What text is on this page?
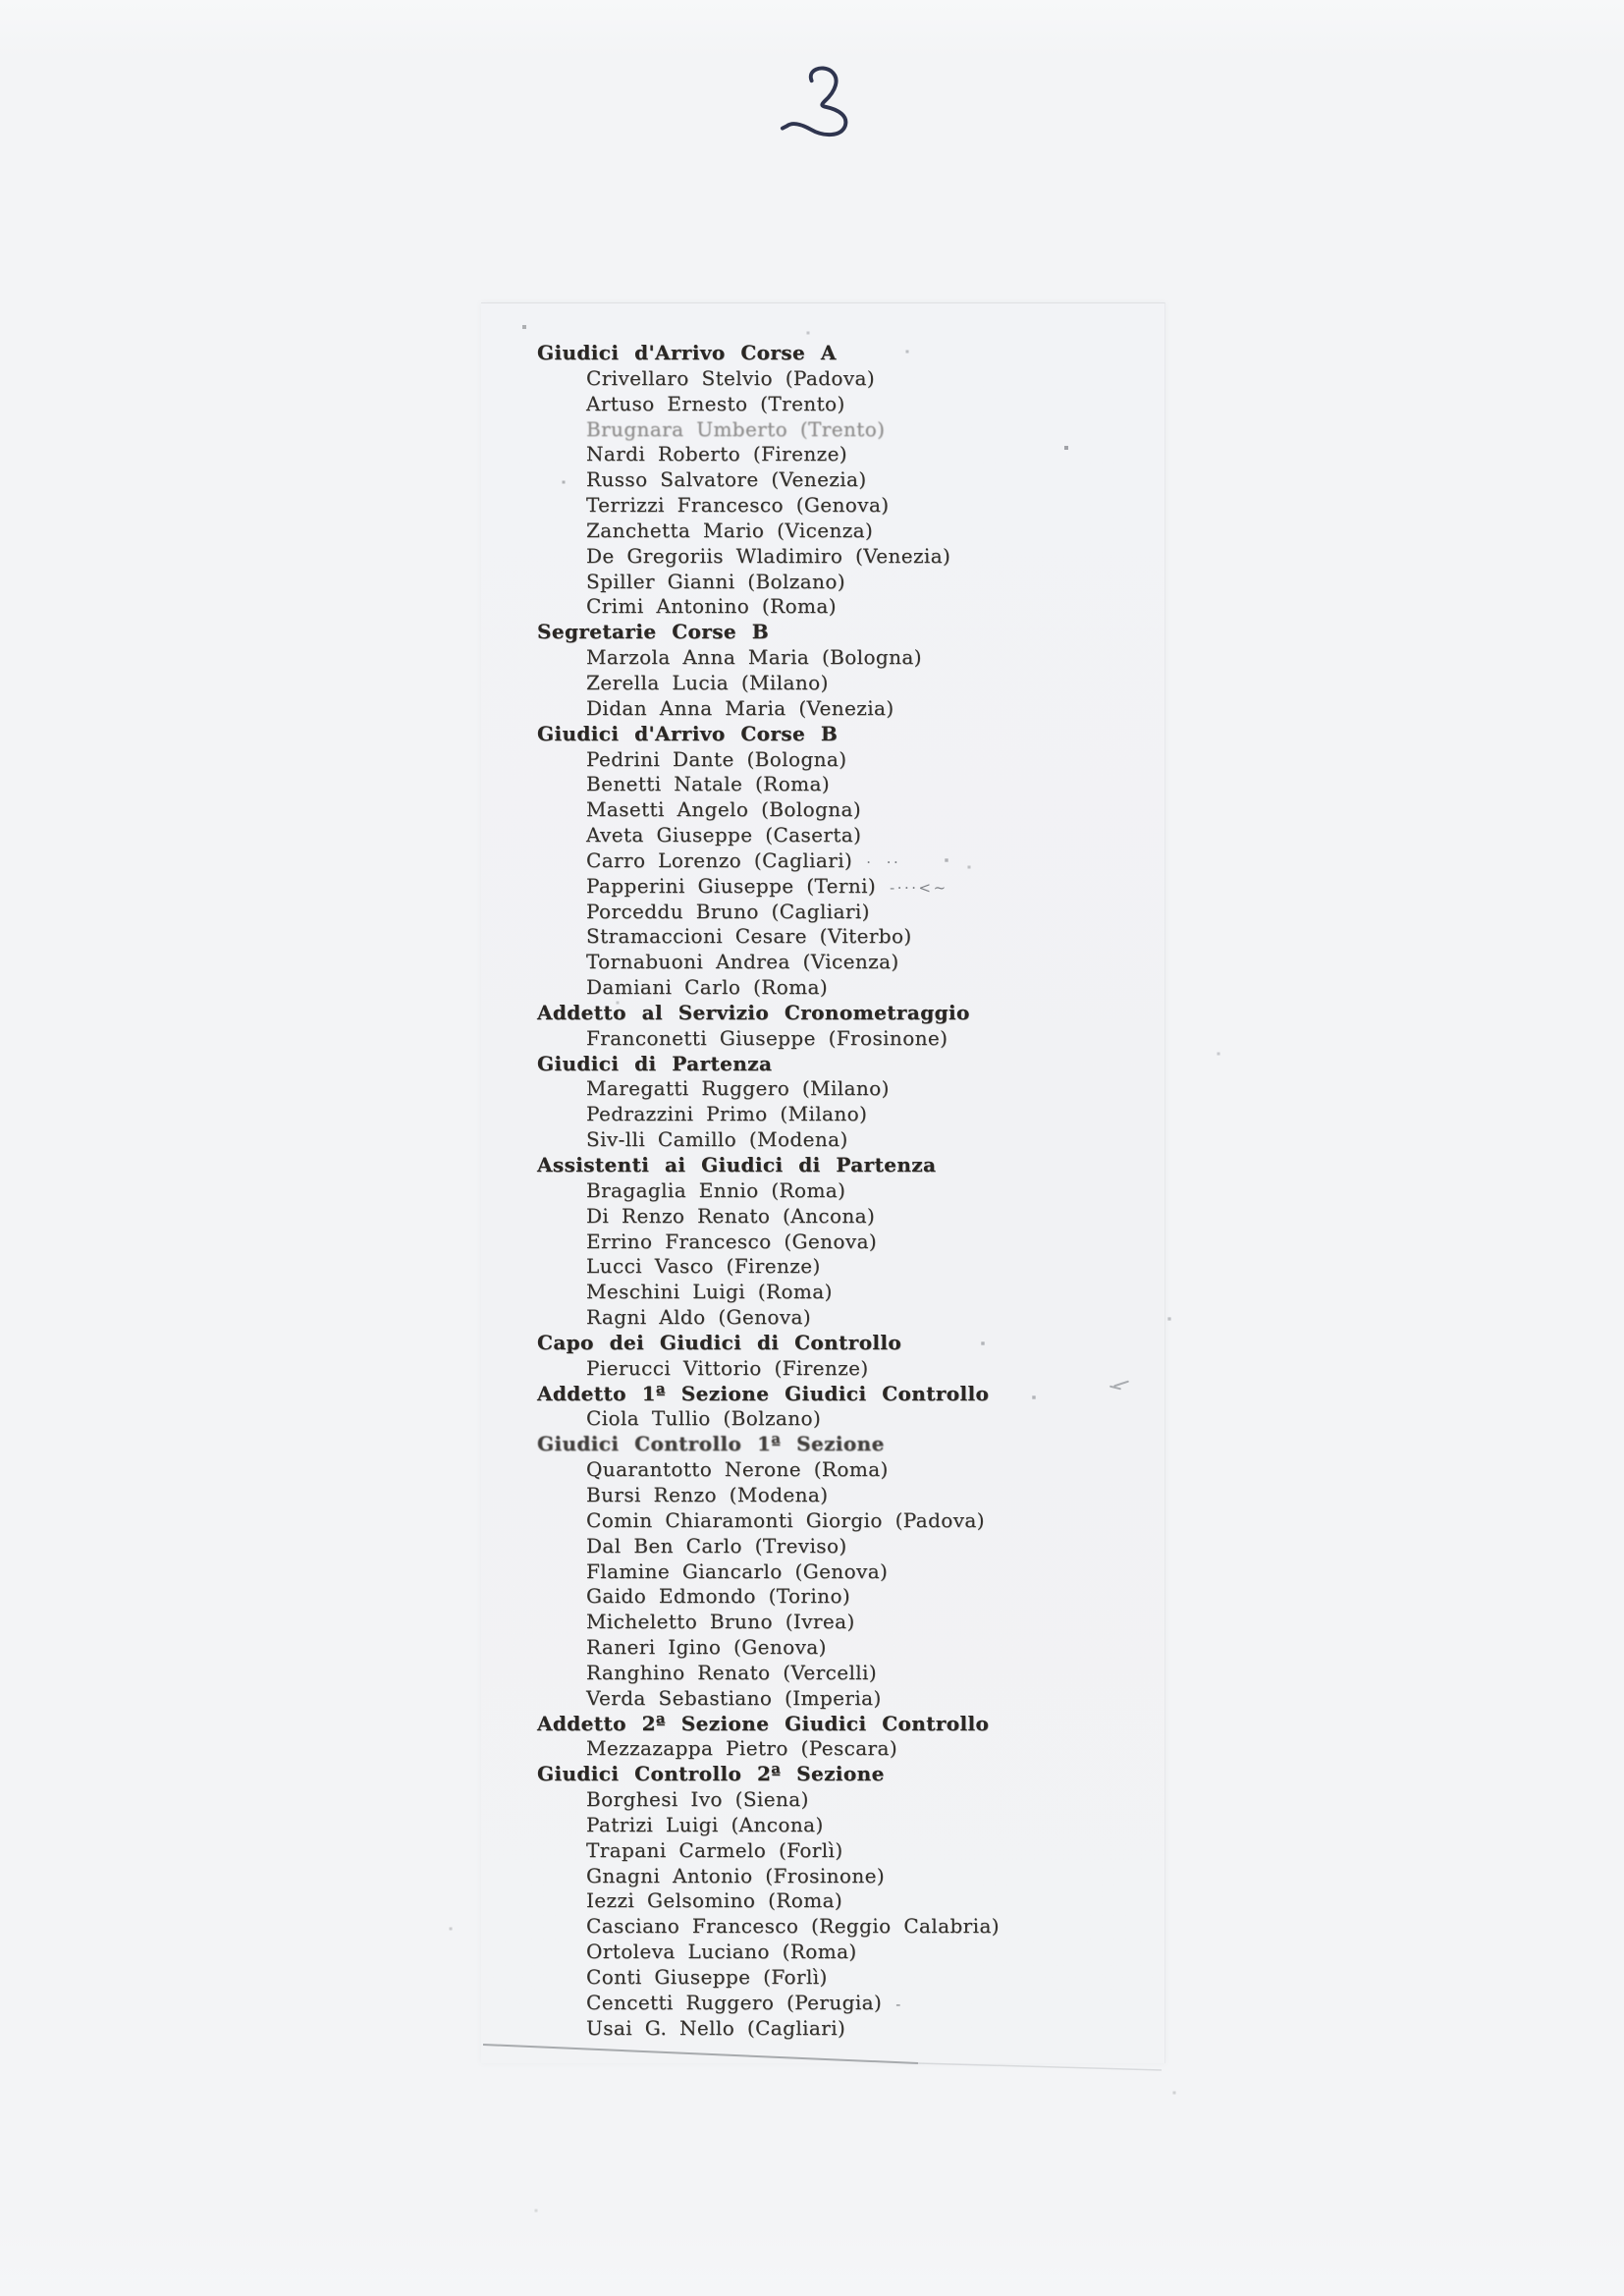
Giudici d'Arrivo Corse A
Crivellaro Stelvio (Padova)
Artuso Ernesto (Trento)
Brugnara Umberto (Trento)
Nardi Roberto (Firenze)
Russo Salvatore (Venezia)
Terrizzi Francesco (Genova)
Zanchetta Mario (Vicenza)
De Gregoriis Wladimiro (Venezia)
Spiller Gianni (Bolzano)
Crimi Antonino (Roma)
Segretarie Corse B
Marzola Anna Maria (Bologna)
Zerella Lucia (Milano)
Didan Anna Maria (Venezia)
Giudici d'Arrivo Corse B
Pedrini Dante (Bologna)
Benetti Natale (Roma)
Masetti Angelo (Bologna)
Aveta Giuseppe (Caserta)
Carro Lorenzo (Cagliari) · ··
Papperini Giuseppe (Terni) -···<~
Porceddu Bruno (Cagliari)
Stramaccioni Cesare (Viterbo)
Tornabuoni Andrea (Vicenza)
Damiani Carlo (Roma)
Addetto al Servizio Cronometraggio
Franconetti Giuseppe (Frosinone)
Giudici di Partenza
Maregatti Ruggero (Milano)
Pedrazzini Primo (Milano)
Siv-lli Camillo (Modena)
Assistenti ai Giudici di Partenza
Bragaglia Ennio (Roma)
Di Renzo Renato (Ancona)
Errino Francesco (Genova)
Lucci Vasco (Firenze)
Meschini Luigi (Roma)
Ragni Aldo (Genova)
Capo dei Giudici di Controllo
Pierucci Vittorio (Firenze)
Addetto 1ª Sezione Giudici Controllo
Ciola Tullio (Bolzano)
Giudici Controllo 1ª Sezione
Quarantotto Nerone (Roma)
Bursi Renzo (Modena)
Comin Chiaramonti Giorgio (Padova)
Dal Ben Carlo (Treviso)
Flamine Giancarlo (Genova)
Gaido Edmondo (Torino)
Micheletto Bruno (Ivrea)
Raneri Igino (Genova)
Ranghino Renato (Vercelli)
Verda Sebastiano (Imperia)
Addetto 2ª Sezione Giudici Controllo
Mezzazappa Pietro (Pescara)
Giudici Controllo 2ª Sezione
Borghesi Ivo (Siena)
Patrizi Luigi (Ancona)
Trapani Carmelo (Forlì)
Gnagni Antonio (Frosinone)
Iezzi Gelsomino (Roma)
Casciano Francesco (Reggio Calabria)
Ortoleva Luciano (Roma)
Conti Giuseppe (Forlì)
Cencetti Ruggero (Perugia) -
Usai G. Nello (Cagliari)
